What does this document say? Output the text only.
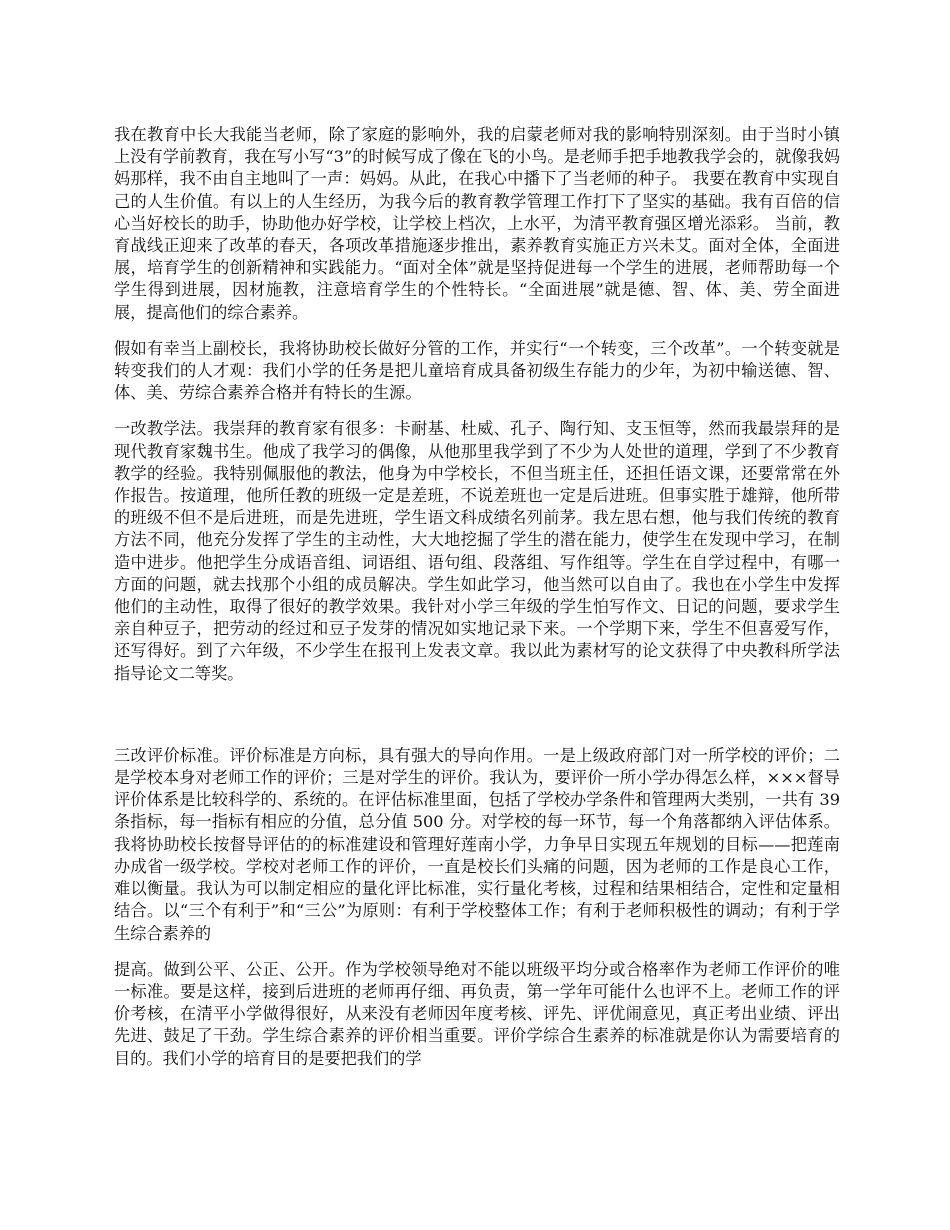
我在教育中长大我能当老师，除了家庭的影响外，我的启蒙老师对我的影响特别深刻。由于当时小镇上没有学前教育，我在写小写“3”的时候写成了像在飞的小鸟。是老师手把手地教我学会的，就像我妈妈那样，我不由自主地叫了一声：妈妈。从此，在我心中播下了当老师的种子。 我要在教育中实现自己的人生价值。有以上的人生经历，为我今后的教育教学管理工作打下了坚实的基础。我有百倍的信心当好校长的助手，协助他办好学校，让学校上档次，上水平，为清平教育强区增光添彩。 当前，教育战线正迎来了改革的春天，各项改革措施逐步推出，素养教育实施正方兴未艾。面对全体，全面进展，培育学生的创新精神和实践能力。“面对全体”就是坚持促进每一个学生的进展，老师帮助每一个学生得到进展，因材施教，注意培育学生的个性特长。“全面进展”就是德、智、体、美、劳全面进展，提高他们的综合素养。

假如有幸当上副校长，我将协助校长做好分管的工作，并实行“一个转变，三个改革”。一个转变就是转变我们的人才观：我们小学的任务是把儿童培育成具备初级生存能力的少年，为初中输送德、智、体、美、劳综合素养合格并有特长的生源。

一改教学法。我崇拜的教育家有很多：卡耐基、杜威、孔子、陶行知、支玉恒等，然而我最崇拜的是现代教育家魏书生。他成了我学习的偶像，从他那里我学到了不少为人处世的道理，学到了不少教育教学的经验。我特别佩服他的教法，他身为中学校长，不但当班主任，还担任语文课，还要常常在外作报告。按道理，他所任教的班级一定是差班，不说差班也一定是后进班。但事实胜于雄辩，他所带的班级不但不是后进班，而是先进班，学生语文科成绩名列前茅。我左思右想，他与我们传统的教育方法不同，他充分发挥了学生的主动性，大大地挖掘了学生的潜在能力，使学生在发现中学习，在制造中进步。他把学生分成语音组、词语组、语句组、段落组、写作组等。学生在自学过程中，有哪一方面的问题，就去找那个小组的成员解决。学生如此学习，他当然可以自由了。我也在小学生中发挥他们的主动性，取得了很好的教学效果。我针对小学三年级的学生怕写作文、日记的问题，要求学生亲自种豆子，把劳动的经过和豆子发芽的情况如实地记录下来。一个学期下来，学生不但喜爱写作，还写得好。到了六年级，不少学生在报刊上发表文章。我以此为素材写的论文获得了中央教科所学法指导论文二等奖。

三改评价标准。评价标准是方向标，具有强大的导向作用。一是上级政府部门对一所学校的评价；二是学校本身对老师工作的评价；三是对学生的评价。我认为，要评价一所小学办得怎么样，×××督导评价体系是比较科学的、系统的。在评估标准里面，包括了学校办学条件和管理两大类别，一共有 39 条指标，每一指标有相应的分值，总分值 500 分。对学校的每一环节，每一个角落都纳入评估体系。我将协助校长按督导评估的的标准建设和管理好莲南小学，力争早日实现五年规划的目标——把莲南办成省一级学校。学校对老师工作的评价，一直是校长们头痛的问题，因为老师的工作是良心工作，难以衡量。我认为可以制定相应的量化评比标准，实行量化考核，过程和结果相结合，定性和定量相结合。以“三个有利于”和“三公”为原则：有利于学校整体工作；有利于老师积极性的调动；有利于学生综合素养的

提高。做到公平、公正、公开。作为学校领导绝对不能以班级平均分或合格率作为老师工作评价的唯一标准。要是这样，接到后进班的老师再仔细、再负责，第一学年可能什么也评不上。老师工作的评价考核，在清平小学做得很好，从来没有老师因年度考核、评先、评优闹意见，真正考出业绩、评出先进、鼓足了干劲。学生综合素养的评价相当重要。评价学综合生素养的标准就是你认为需要培育的目的。我们小学的培育目的是要把我们的学
